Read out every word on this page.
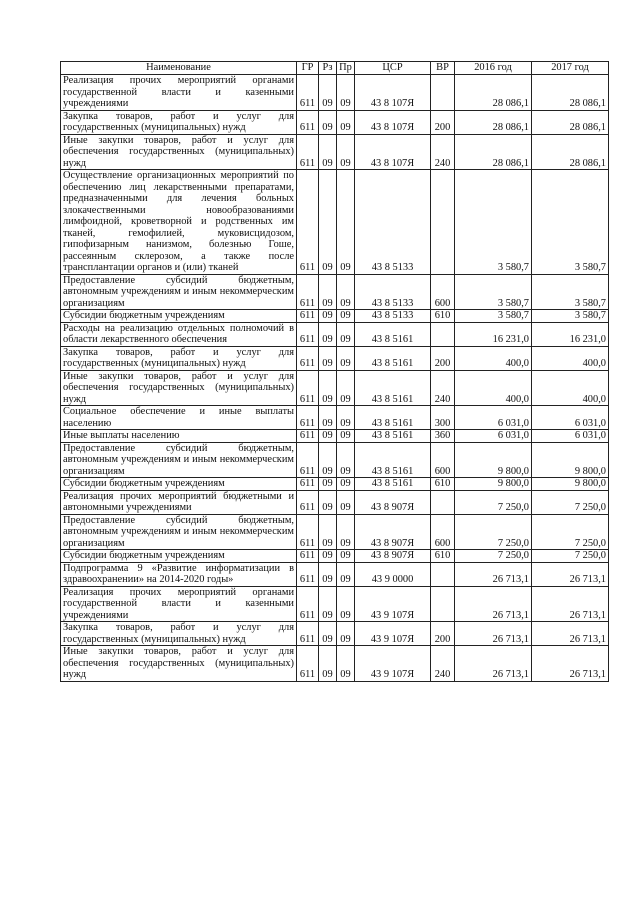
Наименование	ГР	Рз	Пр	ЦСР	ВР	2016 год	2017 год
Реализация прочих мероприятий органами государственной власти и казенными учреждениями	611	09	09	43 8 107Я		28 086,1	28 086,1
Закупка товаров, работ и услуг для государственных (муниципальных) нужд	611	09	09	43 8 107Я	200	28 086,1	28 086,1
Иные закупки товаров, работ и услуг для обеспечения государственных (муниципальных) нужд	611	09	09	43 8 107Я	240	28 086,1	28 086,1
Осуществление организационных мероприятий по обеспечению лиц лекарственными препаратами, предназначенными для лечения больных злокачественными новообразованиями лимфоидной, кроветворной и родственных им тканей, гемофилией, муковисцидозом, гипофизарным нанизмом, болезнью Гоше, рассеянным склерозом, а также после трансплантации органов и (или) тканей	611	09	09	43 8 5133		3 580,7	3 580,7
Предоставление субсидий бюджетным, автономным учреждениям и иным некоммерческим организациям	611	09	09	43 8 5133	600	3 580,7	3 580,7
Субсидии бюджетным учреждениям	611	09	09	43 8 5133	610	3 580,7	3 580,7
Расходы на реализацию отдельных полномочий в области лекарственного обеспечения	611	09	09	43 8 5161		16 231,0	16 231,0
Закупка товаров, работ и услуг для государственных (муниципальных) нужд	611	09	09	43 8 5161	200	400,0	400,0
Иные закупки товаров, работ и услуг для обеспечения государственных (муниципальных) нужд	611	09	09	43 8 5161	240	400,0	400,0
Социальное обеспечение и иные выплаты населению	611	09	09	43 8 5161	300	6 031,0	6 031,0
Иные выплаты населению	611	09	09	43 8 5161	360	6 031,0	6 031,0
Предоставление субсидий бюджетным, автономным учреждениям и иным некоммерческим организациям	611	09	09	43 8 5161	600	9 800,0	9 800,0
Субсидии бюджетным учреждениям	611	09	09	43 8 5161	610	9 800,0	9 800,0
Реализация прочих мероприятий бюджетными и автономными учреждениями	611	09	09	43 8 907Я		7 250,0	7 250,0
Предоставление субсидий бюджетным, автономным учреждениям и иным некоммерческим организациям	611	09	09	43 8 907Я	600	7 250,0	7 250,0
Субсидии бюджетным учреждениям	611	09	09	43 8 907Я	610	7 250,0	7 250,0
Подпрограмма 9 «Развитие информатизации в здравоохранении» на 2014-2020 годы»	611	09	09	43 9 0000		26 713,1	26 713,1
Реализация прочих мероприятий органами государственной власти и казенными учреждениями	611	09	09	43 9 107Я		26 713,1	26 713,1
Закупка товаров, работ и услуг для государственных (муниципальных) нужд	611	09	09	43 9 107Я	200	26 713,1	26 713,1
Иные закупки товаров, работ и услуг для обеспечения государственных (муниципальных) нужд	611	09	09	43 9 107Я	240	26 713,1	26 713,1
